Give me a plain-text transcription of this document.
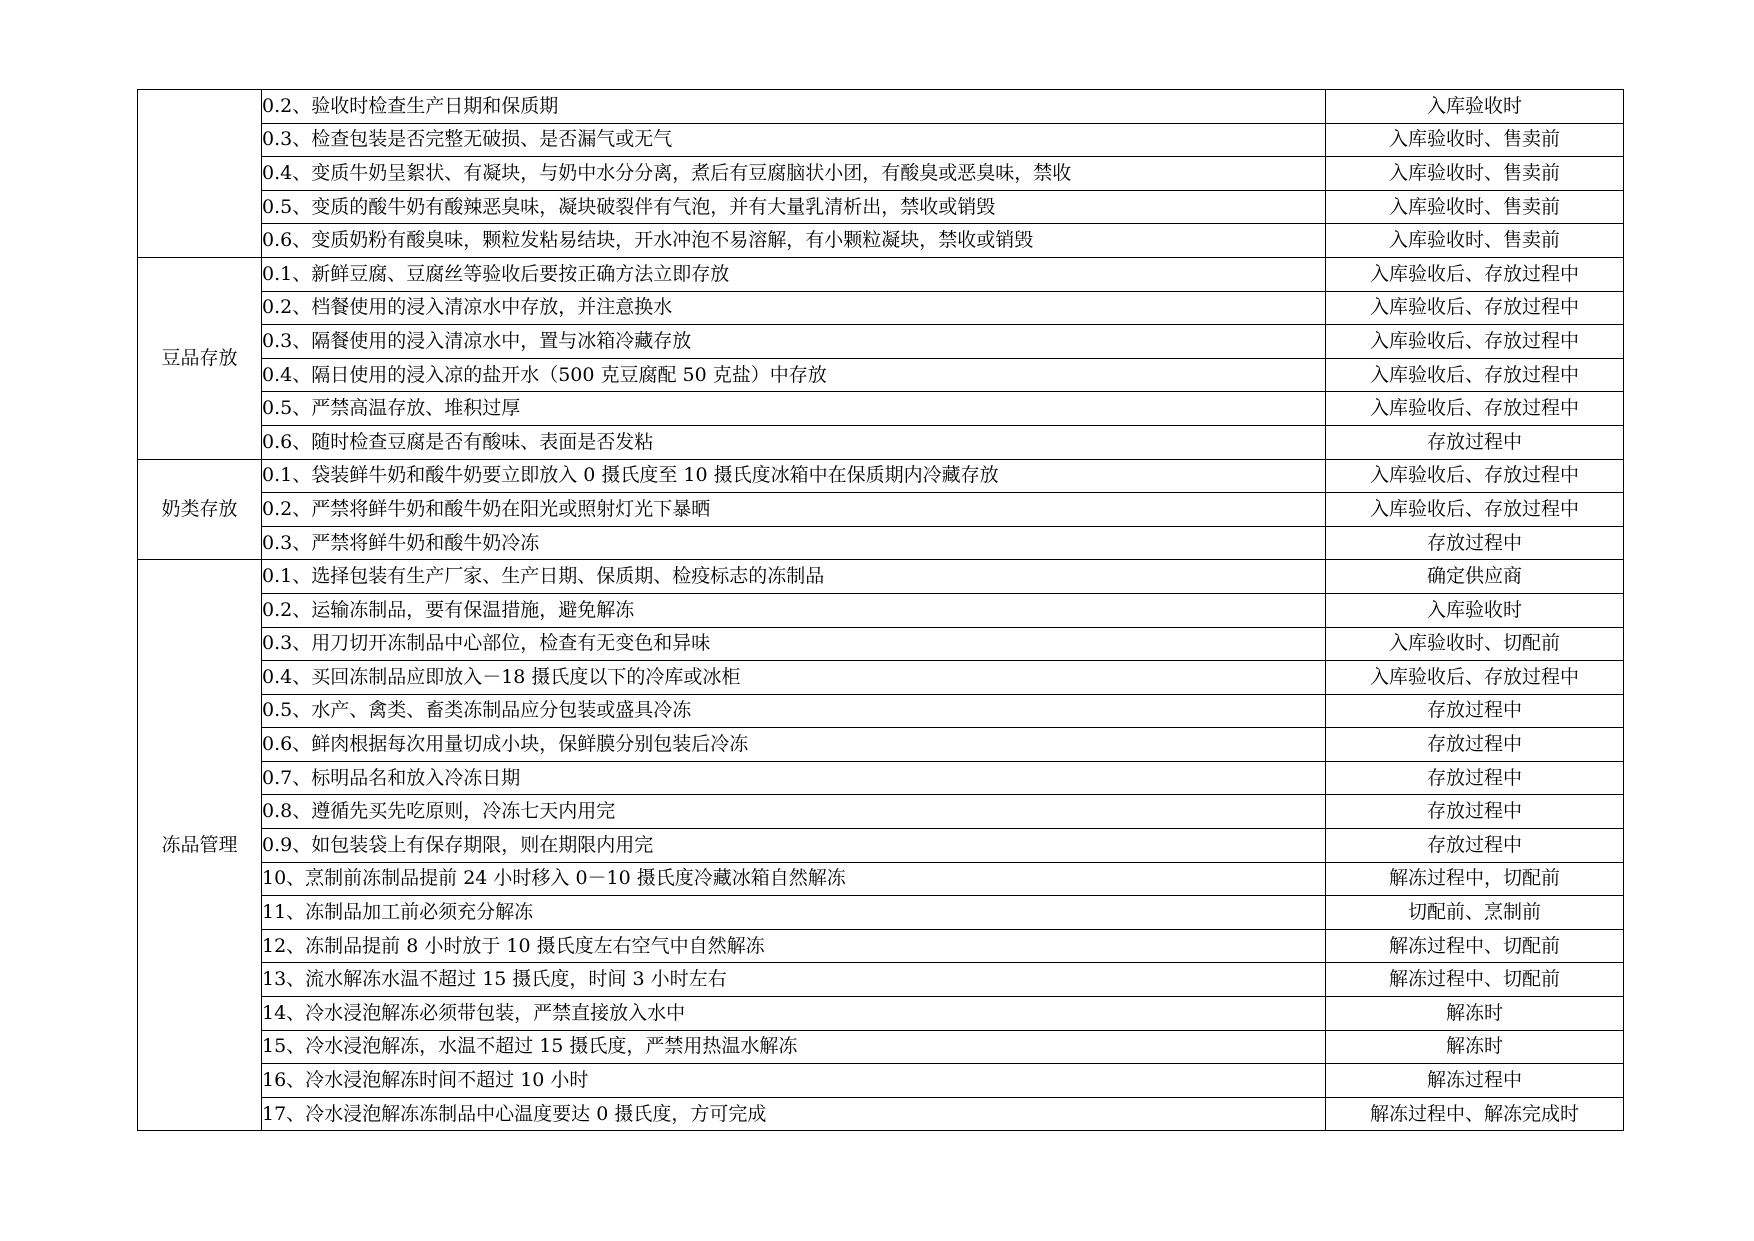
	0.2、验收时检查生产日期和保质期	入库验收时
	0.3、检查包装是否完整无破损、是否漏气或无气	入库验收时、售卖前
	0.4、变质牛奶呈絮状、有凝块，与奶中水分分离，煮后有豆腐脑状小团，有酸臭或恶臭味，禁收	入库验收时、售卖前
	0.5、变质的酸牛奶有酸辣恶臭味，凝块破裂伴有气泡，并有大量乳清析出，禁收或销毁	入库验收时、售卖前
	0.6、变质奶粉有酸臭味，颗粒发粘易结块，开水冲泡不易溶解，有小颗粒凝块，禁收或销毁	入库验收时、售卖前
豆品存放	0.1、新鲜豆腐、豆腐丝等验收后要按正确方法立即存放	入库验收后、存放过程中
	0.2、档餐使用的浸入清凉水中存放，并注意换水	入库验收后、存放过程中
	0.3、隔餐使用的浸入清凉水中，置与冰箱冷藏存放	入库验收后、存放过程中
	0.4、隔日使用的浸入凉的盐开水（500 克豆腐配 50 克盐）中存放	入库验收后、存放过程中
	0.5、严禁高温存放、堆积过厚	入库验收后、存放过程中
	0.6、随时检查豆腐是否有酸味、表面是否发粘	存放过程中
奶类存放	0.1、袋装鲜牛奶和酸牛奶要立即放入 0 摄氏度至 10 摄氏度冰箱中在保质期内冷藏存放	入库验收后、存放过程中
	0.2、严禁将鲜牛奶和酸牛奶在阳光或照射灯光下暴晒	入库验收后、存放过程中
	0.3、严禁将鲜牛奶和酸牛奶冷冻	存放过程中
冻品管理	0.1、选择包装有生产厂家、生产日期、保质期、检疫标志的冻制品	确定供应商
	0.2、运输冻制品，要有保温措施，避免解冻	入库验收时
	0.3、用刀切开冻制品中心部位，检查有无变色和异味	入库验收时、切配前
	0.4、买回冻制品应即放入－18 摄氏度以下的冷库或冰柜	入库验收后、存放过程中
	0.5、水产、禽类、畜类冻制品应分包装或盛具冷冻	存放过程中
	0.6、鲜肉根据每次用量切成小块，保鲜膜分别包装后冷冻	存放过程中
	0.7、标明品名和放入冷冻日期	存放过程中
	0.8、遵循先买先吃原则，冷冻七天内用完	存放过程中
	0.9、如包装袋上有保存期限，则在期限内用完	存放过程中
	10、烹制前冻制品提前 24 小时移入 0－10 摄氏度冷藏冰箱自然解冻	解冻过程中，切配前
	11、冻制品加工前必须充分解冻	切配前、烹制前
	12、冻制品提前 8 小时放于 10 摄氏度左右空气中自然解冻	解冻过程中、切配前
	13、流水解冻水温不超过 15 摄氏度，时间 3 小时左右	解冻过程中、切配前
	14、冷水浸泡解冻必须带包装，严禁直接放入水中	解冻时
	15、冷水浸泡解冻，水温不超过 15 摄氏度，严禁用热温水解冻	解冻时
	16、冷水浸泡解冻时间不超过 10 小时	解冻过程中
	17、冷水浸泡解冻冻制品中心温度要达 0 摄氏度，方可完成	解冻过程中、解冻完成时
